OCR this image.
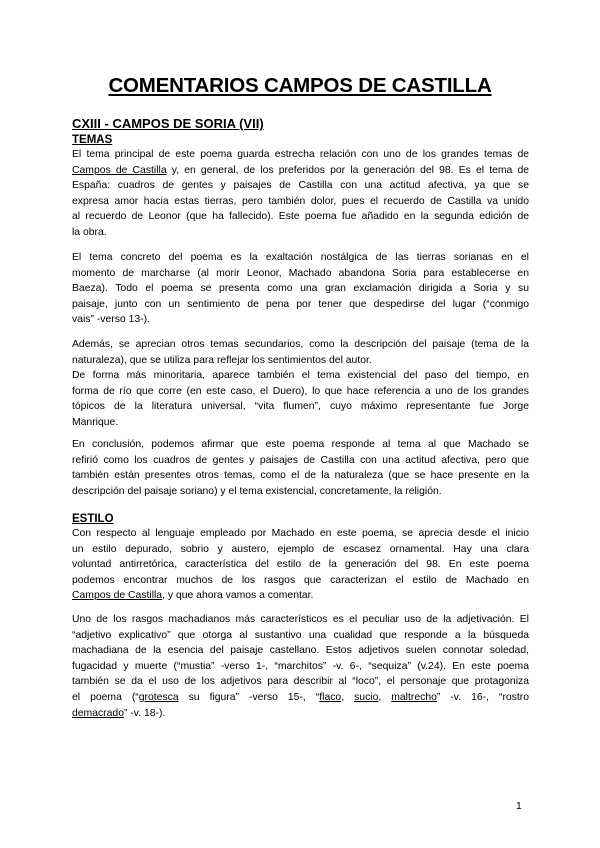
COMENTARIOS CAMPOS DE CASTILLA
CXIII - CAMPOS DE SORIA (VII)
TEMAS
El tema principal de este poema guarda estrecha relación con uno de los grandes temas de
Campos de Castilla y, en general, de los preferidos por la generación del 98. Es el tema de
España: cuadros de gentes y paisajes de Castilla con una actitud afectiva, ya que se
expresa amor hacia estas tierras, pero también dolor, pues el recuerdo de Castilla va unido
al recuerdo de Leonor (que ha fallecido). Este poema fue añadido en la segunda edición de
la obra.
El tema concreto del poema es la exaltación nostálgica de las tierras sorianas en el
momento de marcharse (al morir Leonor, Machado abandona Soria para establecerse en
Baeza). Todo el poema se presenta como una gran exclamación dirigida a Soria y su
paisaje, junto con un sentimiento de pena por tener que despedirse del lugar (“conmigo
vais” -verso 13-).
Además, se aprecian otros temas secundarios, como la descripción del paisaje (tema de la
naturaleza), que se utiliza para reflejar los sentimientos del autor.
De forma más minoritaria, aparece también el tema existencial del paso del tiempo, en
forma de río que corre (en este caso, el Duero), lo que hace referencia a uno de los grandes
tópicos de la literatura universal, “vita flumen”, cuyo máximo representante fue Jorge
Manrique.
En conclusión, podemos afirmar que este poema responde al tema al que Machado se
refirió como los cuadros de gentes y paisajes de Castilla con una actitud afectiva, pero que
también están presentes otros temas, como el de la naturaleza (que se hace presente en la
descripción del paisaje soriano) y el tema existencial, concretamente, la religión.
ESTILO
Con respecto al lenguaje empleado por Machado en este poema, se aprecia desde el inicio
un estilo depurado, sobrio y austero, ejemplo de escasez ornamental. Hay una clara
voluntad antirretórica, característica del estilo de la generación del 98. En este poema
podemos encontrar muchos de los rasgos que caracterizan el estilo de Machado en
Campos de Castilla, y que ahora vamos a comentar.
Uno de los rasgos machadianos más característicos es el peculiar uso de la adjetivación. El
“adjetivo explicativo” que otorga al sustantivo una cualidad que responde a la búsqueda
machadiana de la esencia del paisaje castellano. Estos adjetivos suelen connotar soledad,
fugacidad y muerte (“mustia” -verso 1-, “marchitos” -v. 6-, “sequiza” (v.24). En este poema
también se da el uso de los adjetivos para describir al “loco”, el personaje que protagoniza
el poema (“grotesca su figura” -verso 15-, “flaco, sucio, maltrecho” -v. 16-, “rostro
demacrado” -v. 18-).
1
